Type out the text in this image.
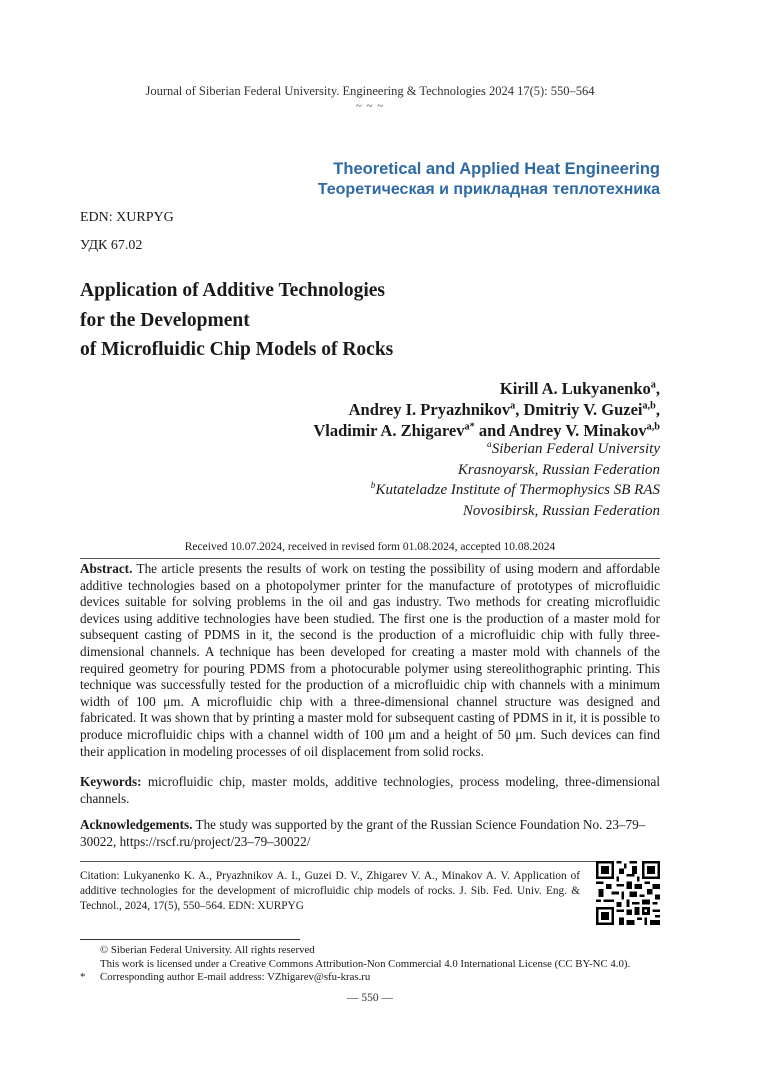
Journal of Siberian Federal University. Engineering & Technologies 2024 17(5): 550–564
~ ~ ~
Theoretical and Applied Heat Engineering
Теоретическая и прикладная теплотехника
EDN: XURPYG
УДК 67.02
Application of Additive Technologies
for the Development
of Microfluidic Chip Models of Rocks
Kirill A. Lukyanenko$^a$,
Andrey I. Pryazhnikov$^a$, Dmitriy V. Guzei$^{a,b}$,
Vladimir A. Zhigarev$^{a*}$ and Andrey V. Minakov$^{a,b}$
$^a$Siberian Federal University
Krasnoyarsk, Russian Federation
$^b$Kutateladze Institute of Thermophysics SB RAS
Novosibirsk, Russian Federation
Received 10.07.2024, received in revised form 01.08.2024, accepted 10.08.2024
Abstract. The article presents the results of work on testing the possibility of using modern and affordable additive technologies based on a photopolymer printer for the manufacture of prototypes of microfluidic devices suitable for solving problems in the oil and gas industry. Two methods for creating microfluidic devices using additive technologies have been studied. The first one is the production of a master mold for subsequent casting of PDMS in it, the second is the production of a microfluidic chip with fully three-dimensional channels. A technique has been developed for creating a master mold with channels of the required geometry for pouring PDMS from a photocurable polymer using stereolithographic printing. This technique was successfully tested for the production of a microfluidic chip with channels with a minimum width of 100 μm. A microfluidic chip with a three-dimensional channel structure was designed and fabricated. It was shown that by printing a master mold for subsequent casting of PDMS in it, it is possible to produce microfluidic chips with a channel width of 100 μm and a height of 50 μm. Such devices can find their application in modeling processes of oil displacement from solid rocks.
Keywords: microfluidic chip, master molds, additive technologies, process modeling, three-dimensional channels.
Acknowledgements. The study was supported by the grant of the Russian Science Foundation No. 23–79–30022, https://rscf.ru/project/23–79–30022/
Citation: Lukyanenko K. A., Pryazhnikov A. I., Guzei D. V., Zhigarev V. A., Minakov A. V. Application of additive technologies for the development of microfluidic chip models of rocks. J. Sib. Fed. Univ. Eng. & Technol., 2024, 17(5), 550–564. EDN: XURPYG
© Siberian Federal University. All rights reserved
This work is licensed under a Creative Commons Attribution-Non Commercial 4.0 International License (CC BY-NC 4.0).
* Corresponding author E-mail address: VZhigarev@sfu-kras.ru
— 550 —
